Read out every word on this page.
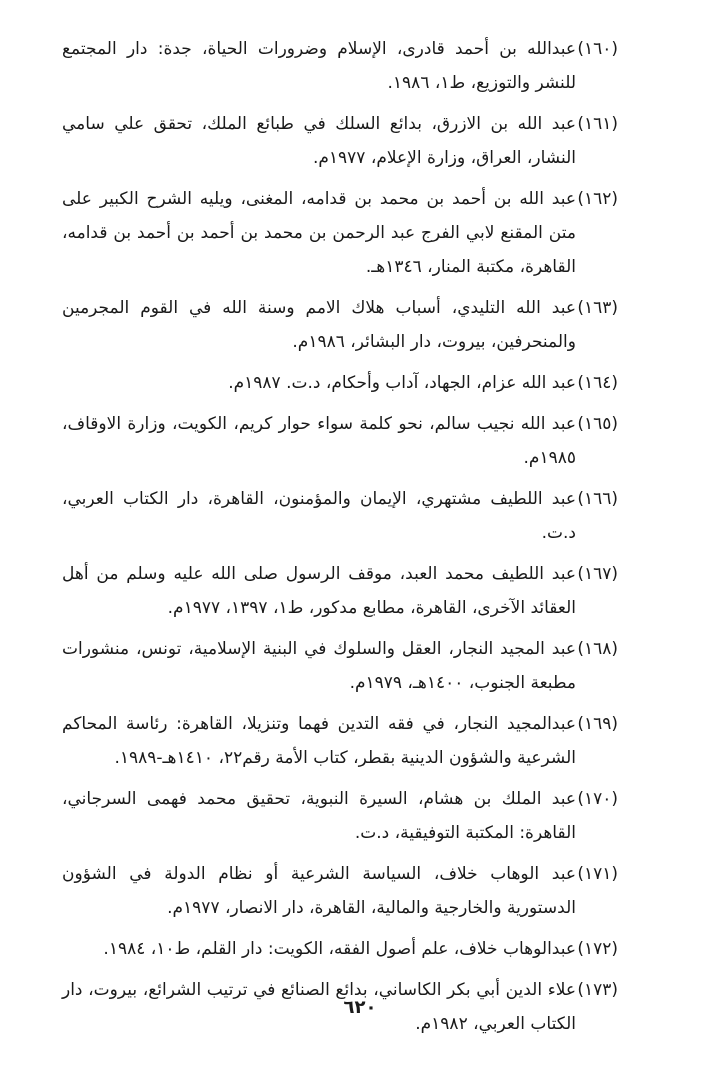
(١٦٠)
عبدالله بن أحمد قادرى، الإسلام وضرورات الحياة، جدة: دار المجتمع للنشر والتوزيع، ط١، ١٩٨٦.
(١٦١)
عبد الله بن الازرق، بدائع السلك في طبائع الملك، تحقق علي سامي النشار، العراق، وزارة الإعلام، ١٩٧٧م.
(١٦٢)
عبد الله بن أحمد بن محمد بن قدامه، المغنى، ويليه الشرح الكبير على متن المقنع لابي الفرج عبد الرحمن بن محمد بن أحمد بن أحمد بن قدامه، القاهرة، مكتبة المنار، ١٣٤٦هـ.
(١٦٣)
عبد الله التليدي، أسباب هلاك الامم وسنة الله في القوم المجرمين والمنحرفين، بيروت، دار البشائر، ١٩٨٦م.
(١٦٤)
عبد الله عزام، الجهاد، آداب وأحكام، د.ت. ١٩٨٧م.
(١٦٥)
عبد الله نجيب سالم، نحو كلمة سواء حوار كريم، الكويت، وزارة الاوقاف، ١٩٨٥م.
(١٦٦)
عبد اللطيف مشتهري، الإيمان والمؤمنون، القاهرة، دار الكتاب العربي، د.ت.
(١٦٧)
عبد اللطيف محمد العبد، موقف الرسول صلى الله عليه وسلم من أهل العقائد الآخرى، القاهرة، مطابع مدكور، ط١، ١٣٩٧، ١٩٧٧م.
(١٦٨)
عبد المجيد النجار، العقل والسلوك في البنية الإسلامية، تونس، منشورات مطبعة الجنوب، ١٤٠٠هـ، ١٩٧٩م.
(١٦٩)
عبدالمجيد النجار، في فقه التدين فهما وتنزيلا، القاهرة: رئاسة المحاكم الشرعية والشؤون الدينية بقطر، كتاب الأمة رقم٢٢، ١٤١٠هـ-١٩٨٩.
(١٧٠)
عبد الملك بن هشام، السيرة النبوية، تحقيق محمد فهمى السرجاني، القاهرة: المكتبة التوفيقية، د.ت.
(١٧١)
عبد الوهاب خلاف، السياسة الشرعية أو نظام الدولة في الشؤون الدستورية والخارجية والمالية، القاهرة، دار الانصار، ١٩٧٧م.
(١٧٢)
عبدالوهاب خلاف، علم أصول الفقه، الكويت: دار القلم، ط١٠، ١٩٨٤.
(١٧٣)
علاء الدين أبي بكر الكاساني، بدائع الصنائع في ترتيب الشرائع، بيروت، دار الكتاب العربي، ١٩٨٢م.
٦٢٠
